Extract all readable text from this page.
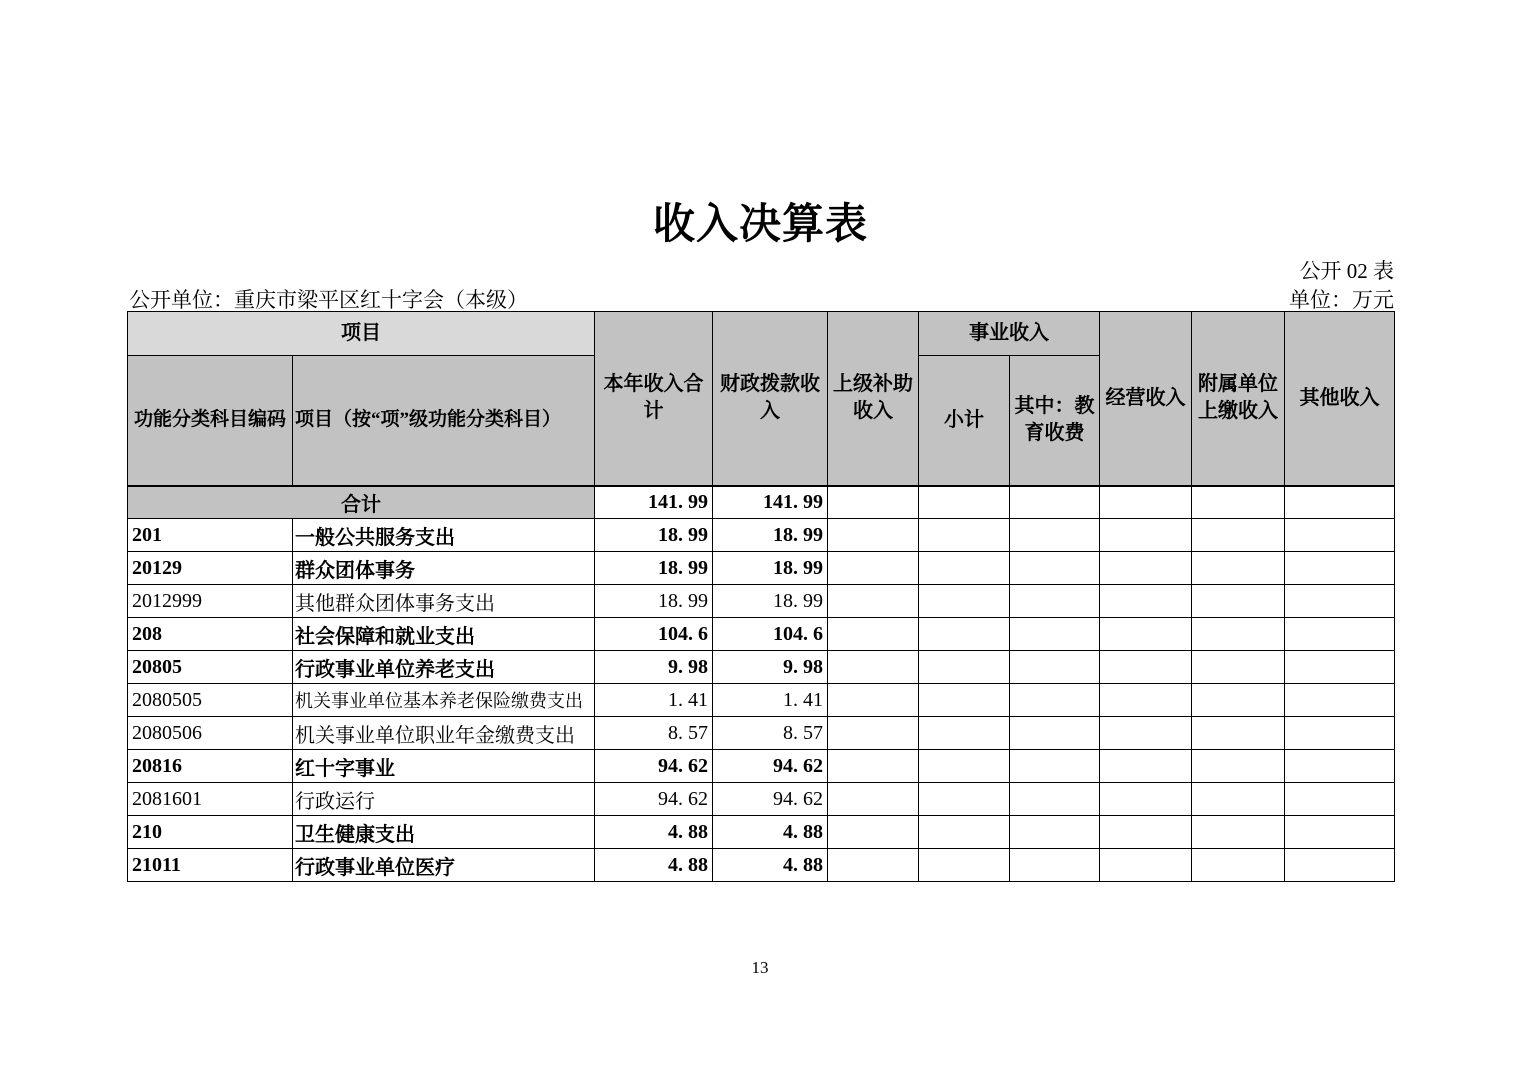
收入决算表
公开 02 表
公开单位：重庆市梁平区红十字会（本级）	单位：万元
项目		本年收入合计	财政拨款收入	上级补助收入	事业收入		经营收入	附属单位上缴收入	其他收入
功能分类科目编码	项目（按“项”级功能分类科目）				小计	其中：教育收费			
合计		141. 99	141. 99						
201	一般公共服务支出	18. 99	18. 99						
20129	群众团体事务	18. 99	18. 99						
2012999	其他群众团体事务支出	18. 99	18. 99						
208	社会保障和就业支出	104. 6	104. 6						
20805	行政事业单位养老支出	9. 98	9. 98						
2080505	机关事业单位基本养老保险缴费支出	1. 41	1. 41						
2080506	机关事业单位职业年金缴费支出	8. 57	8. 57						
20816	红十字事业	94. 62	94. 62						
2081601	行政运行	94. 62	94. 62						
210	卫生健康支出	4. 88	4. 88						
21011	行政事业单位医疗	4. 88	4. 88						
13
